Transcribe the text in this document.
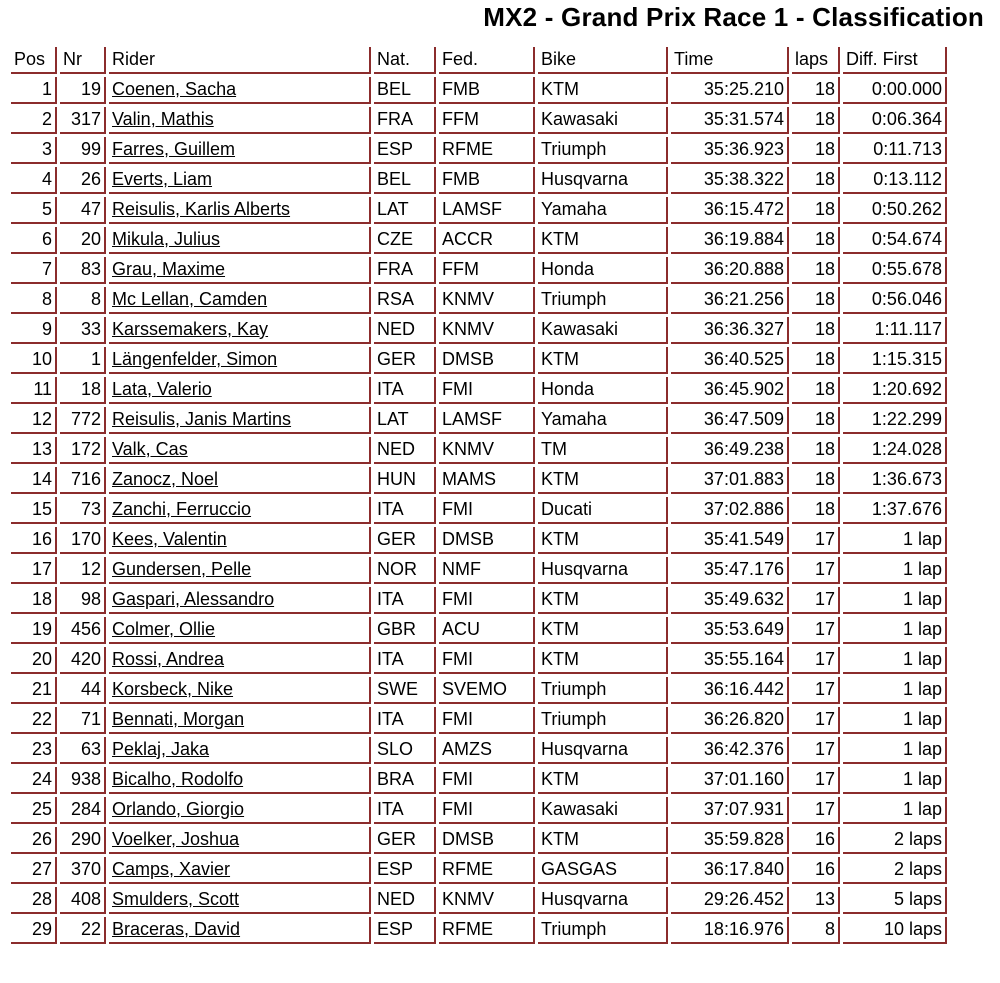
MX2 - Grand Prix Race 1 - Classification
Pos	Nr	Rider	Nat.	Fed.	Bike	Time	laps	Diff. First
1	19	Coenen, Sacha	BEL	FMB	KTM	35:25.210	18	0:00.000
2	317	Valin, Mathis	FRA	FFM	Kawasaki	35:31.574	18	0:06.364
3	99	Farres, Guillem	ESP	RFME	Triumph	35:36.923	18	0:11.713
4	26	Everts, Liam	BEL	FMB	Husqvarna	35:38.322	18	0:13.112
5	47	Reisulis, Karlis Alberts	LAT	LAMSF	Yamaha	36:15.472	18	0:50.262
6	20	Mikula, Julius	CZE	ACCR	KTM	36:19.884	18	0:54.674
7	83	Grau, Maxime	FRA	FFM	Honda	36:20.888	18	0:55.678
8	8	Mc Lellan, Camden	RSA	KNMV	Triumph	36:21.256	18	0:56.046
9	33	Karssemakers, Kay	NED	KNMV	Kawasaki	36:36.327	18	1:11.117
10	1	Längenfelder, Simon	GER	DMSB	KTM	36:40.525	18	1:15.315
11	18	Lata, Valerio	ITA	FMI	Honda	36:45.902	18	1:20.692
12	772	Reisulis, Janis Martins	LAT	LAMSF	Yamaha	36:47.509	18	1:22.299
13	172	Valk, Cas	NED	KNMV	TM	36:49.238	18	1:24.028
14	716	Zanocz, Noel	HUN	MAMS	KTM	37:01.883	18	1:36.673
15	73	Zanchi, Ferruccio	ITA	FMI	Ducati	37:02.886	18	1:37.676
16	170	Kees, Valentin	GER	DMSB	KTM	35:41.549	17	1 lap
17	12	Gundersen, Pelle	NOR	NMF	Husqvarna	35:47.176	17	1 lap
18	98	Gaspari, Alessandro	ITA	FMI	KTM	35:49.632	17	1 lap
19	456	Colmer, Ollie	GBR	ACU	KTM	35:53.649	17	1 lap
20	420	Rossi, Andrea	ITA	FMI	KTM	35:55.164	17	1 lap
21	44	Korsbeck, Nike	SWE	SVEMO	Triumph	36:16.442	17	1 lap
22	71	Bennati, Morgan	ITA	FMI	Triumph	36:26.820	17	1 lap
23	63	Peklaj, Jaka	SLO	AMZS	Husqvarna	36:42.376	17	1 lap
24	938	Bicalho, Rodolfo	BRA	FMI	KTM	37:01.160	17	1 lap
25	284	Orlando, Giorgio	ITA	FMI	Kawasaki	37:07.931	17	1 lap
26	290	Voelker, Joshua	GER	DMSB	KTM	35:59.828	16	2 laps
27	370	Camps, Xavier	ESP	RFME	GASGAS	36:17.840	16	2 laps
28	408	Smulders, Scott	NED	KNMV	Husqvarna	29:26.452	13	5 laps
29	22	Braceras, David	ESP	RFME	Triumph	18:16.976	8	10 laps
